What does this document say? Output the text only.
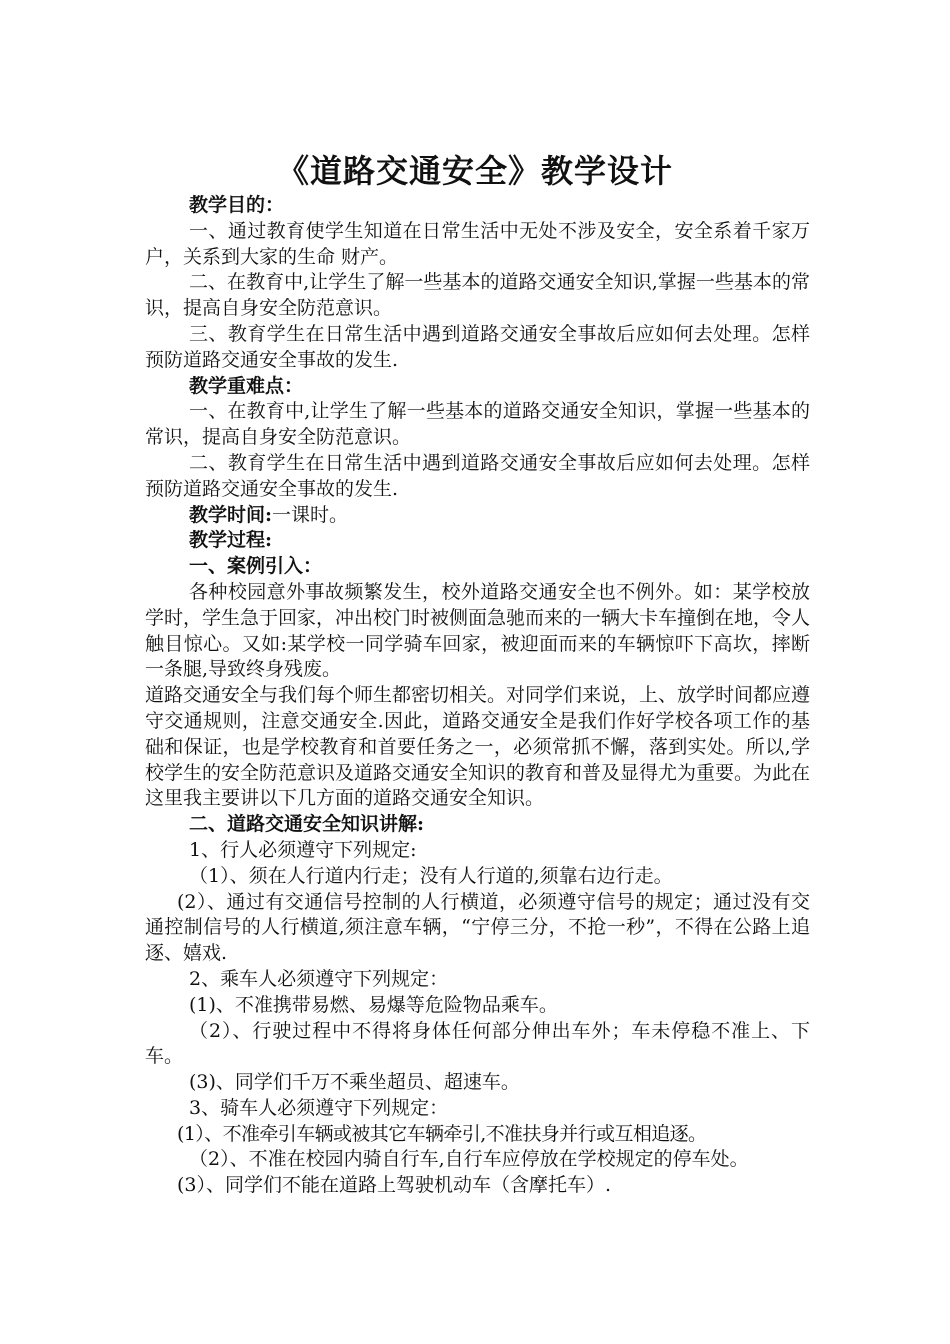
《道路交通安全》教学设计

教学目的：

一、通过教育使学生知道在日常生活中无处不涉及安全，安全系着千家万户，关系到大家的生命 财产。

二、在教育中,让学生了解一些基本的道路交通安全知识,掌握一些基本的常识，提高自身安全防范意识。

三、教育学生在日常生活中遇到道路交通安全事故后应如何去处理。怎样预防道路交通安全事故的发生.

教学重难点：

一、在教育中,让学生了解一些基本的道路交通安全知识，掌握一些基本的常识，提高自身安全防范意识。

二、教育学生在日常生活中遇到道路交通安全事故后应如何去处理。怎样预防道路交通安全事故的发生.

教学时间:一课时。

教学过程:

一、案例引入：

各种校园意外事故频繁发生，校外道路交通安全也不例外。如：某学校放学时，学生急于回家，冲出校门时被侧面急驰而来的一辆大卡车撞倒在地，令人触目惊心。又如:某学校一同学骑车回家，被迎面而来的车辆惊吓下高坎，摔断一条腿,导致终身残废。

道路交通安全与我们每个师生都密切相关。对同学们来说，上、放学时间都应遵守交通规则，注意交通安全.因此，道路交通安全是我们作好学校各项工作的基础和保证，也是学校教育和首要任务之一，必须常抓不懈，落到实处。所以,学校学生的安全防范意识及道路交通安全知识的教育和普及显得尤为重要。为此在这里我主要讲以下几方面的道路交通安全知识。

二、道路交通安全知识讲解:

1、行人必须遵守下列规定:

（1）、须在人行道内行走；没有人行道的,须靠右边行走。

(2）、通过有交通信号控制的人行横道，必须遵守信号的规定；通过没有交通控制信号的人行横道,须注意车辆，“宁停三分，不抢一秒”，不得在公路上追逐、嬉戏.

2、乘车人必须遵守下列规定：

(1)、不准携带易燃、易爆等危险物品乘车。

（2）、行驶过程中不得将身体任何部分伸出车外；车未停稳不准上、下车。

(3)、同学们千万不乘坐超员、超速车。

3、骑车人必须遵守下列规定：

(1）、不准牵引车辆或被其它车辆牵引,不准扶身并行或互相追逐。

（2）、不准在校园内骑自行车,自行车应停放在学校规定的停车处。

(3）、同学们不能在道路上驾驶机动车（含摩托车）.
